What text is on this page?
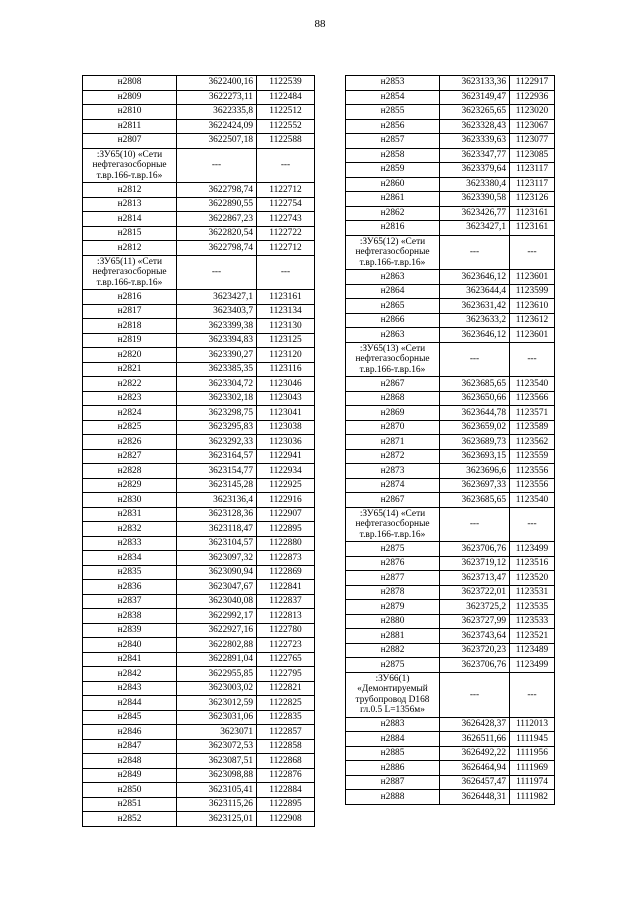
88
н2808	3622400,16	1122539
н2809	3622273,11	1122484
н2810	3622335,8	1122512
н2811	3622424,09	1122552
н2807	3622507,18	1122588
:ЗУ65(10) «Сети нефтегазосборные т.вр.166-т.вр.16»	---	---
н2812	3622798,74	1122712
н2813	3622890,55	1122754
н2814	3622867,23	1122743
н2815	3622820,54	1122722
н2812	3622798,74	1122712
:ЗУ65(11) «Сети нефтегазосборные т.вр.166-т.вр.16»	---	---
н2816	3623427,1	1123161
н2817	3623403,7	1123134
н2818	3623399,38	1123130
н2819	3623394,83	1123125
н2820	3623390,27	1123120
н2821	3623385,35	1123116
н2822	3623304,72	1123046
н2823	3623302,18	1123043
н2824	3623298,75	1123041
н2825	3623295,83	1123038
н2826	3623292,33	1123036
н2827	3623164,57	1122941
н2828	3623154,77	1122934
н2829	3623145,28	1122925
н2830	3623136,4	1122916
н2831	3623128,36	1122907
н2832	3623118,47	1122895
н2833	3623104,57	1122880
н2834	3623097,32	1122873
н2835	3623090,94	1122869
н2836	3623047,67	1122841
н2837	3623040,08	1122837
н2838	3622992,17	1122813
н2839	3622927,16	1122780
н2840	3622802,88	1122723
н2841	3622891,04	1122765
н2842	3622955,85	1122795
н2843	3623003,02	1122821
н2844	3623012,59	1122825
н2845	3623031,06	1122835
н2846	3623071	1122857
н2847	3623072,53	1122858
н2848	3623087,51	1122868
н2849	3623098,88	1122876
н2850	3623105,41	1122884
н2851	3623115,26	1122895
н2852	3623125,01	1122908
н2853	3623133,36	1122917
н2854	3623149,47	1122936
н2855	3623265,65	1123020
н2856	3623328,43	1123067
н2857	3623339,63	1123077
н2858	3623347,77	1123085
н2859	3623379,64	1123117
н2860	3623380,4	1123117
н2861	3623390,58	1123126
н2862	3623426,77	1123161
н2816	3623427,1	1123161
:ЗУ65(12) «Сети нефтегазосборные т.вр.166-т.вр.16»	---	---
н2863	3623646,12	1123601
н2864	3623644,4	1123599
н2865	3623631,42	1123610
н2866	3623633,2	1123612
н2863	3623646,12	1123601
:ЗУ65(13) «Сети нефтегазосборные т.вр.166-т.вр.16»	---	---
н2867	3623685,65	1123540
н2868	3623650,66	1123566
н2869	3623644,78	1123571
н2870	3623659,02	1123589
н2871	3623689,73	1123562
н2872	3623693,15	1123559
н2873	3623696,6	1123556
н2874	3623697,33	1123556
н2867	3623685,65	1123540
:ЗУ65(14) «Сети нефтегазосборные т.вр.166-т.вр.16»	---	---
н2875	3623706,76	1123499
н2876	3623719,12	1123516
н2877	3623713,47	1123520
н2878	3623722,01	1123531
н2879	3623725,2	1123535
н2880	3623727,99	1123533
н2881	3623743,64	1123521
н2882	3623720,23	1123489
н2875	3623706,76	1123499
:ЗУ66(1) «Демонтируемый трубопровод D168 гл.0.5 L=1356м»	---	---
н2883	3626428,37	1112013
н2884	3626511,66	1111945
н2885	3626492,22	1111956
н2886	3626464,94	1111969
н2887	3626457,47	1111974
н2888	3626448,31	1111982
